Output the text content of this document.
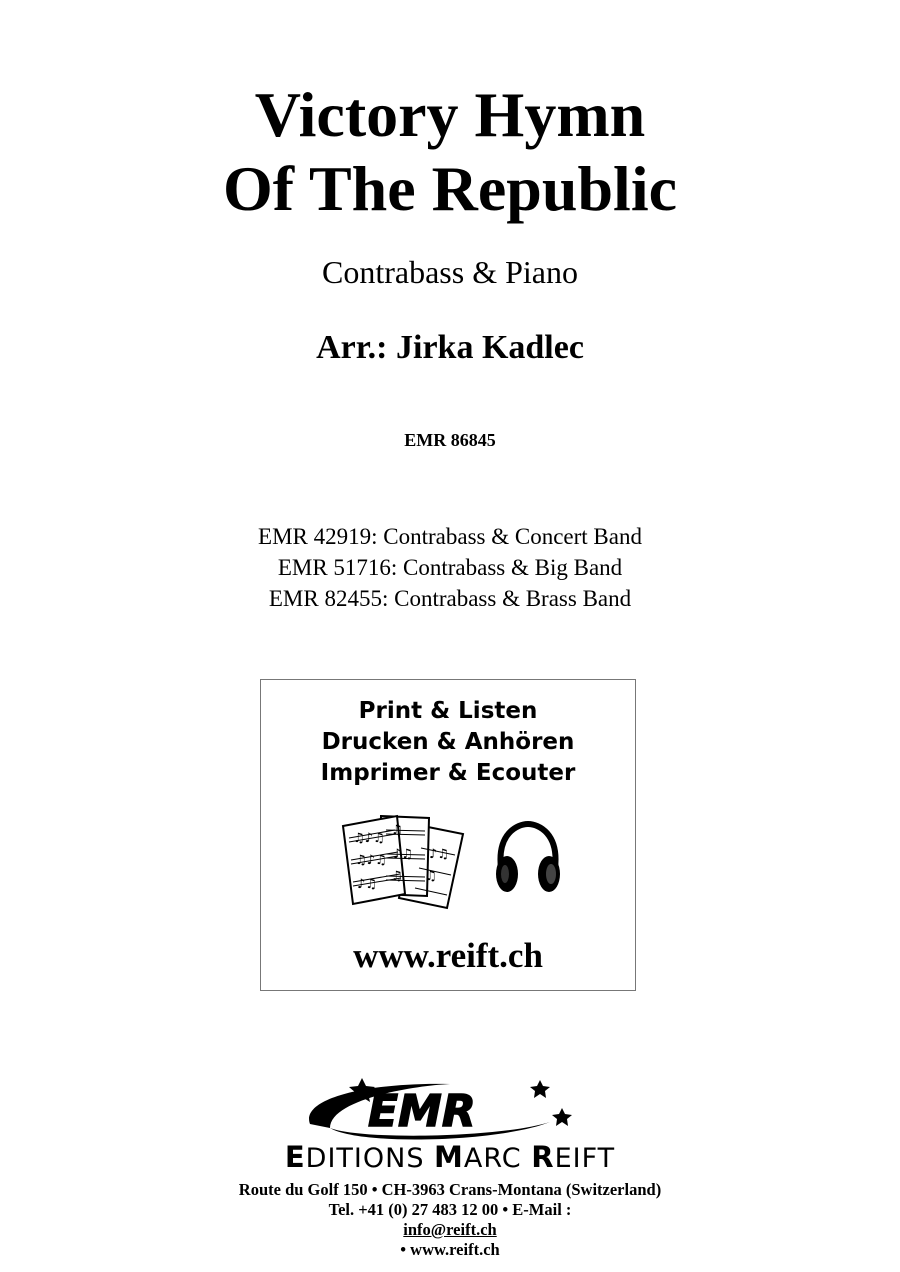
Victory Hymn
Of The Republic
Contrabass & Piano
Arr.: Jirka Kadlec
EMR 86845
EMR 42919: Contrabass & Concert Band
EMR 51716: Contrabass & Big Band
EMR 82455: Contrabass & Brass Band
Print & Listen
Drucken & Anhören
Imprimer & Ecouter
♫♪♫
♫♪♫
♪♫
♫
♪♫
♫
♪♫
♫
www.reift.ch
EMR
EDITIONS MARC REIFT
Route du Golf 150 • CH-3963 Crans-Montana (Switzerland)
Tel. +41 (0) 27 483 12 00 • E-Mail :
info@reift.ch
• www.reift.ch
